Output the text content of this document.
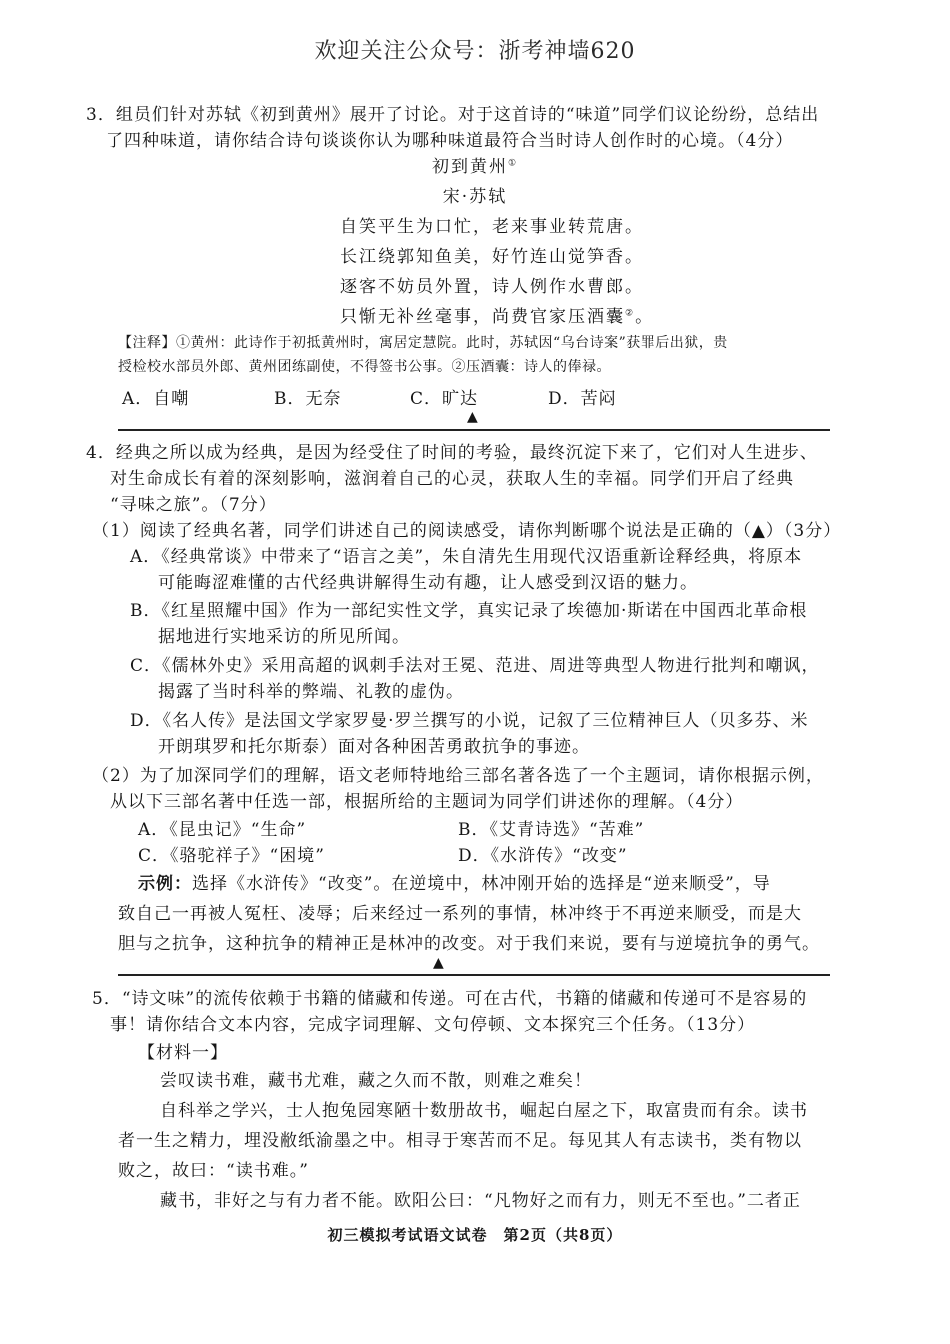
欢迎关注公众号：浙考神墙620
3．组员们针对苏轼《初到黄州》展开了讨论。对于这首诗的“味道”同学们议论纷纷，总结出
了四种味道，请你结合诗句谈谈你认为哪种味道最符合当时诗人创作时的心境。（4分）
初到黄州①
宋·苏轼
自笑平生为口忙，老来事业转荒唐。
长江绕郭知鱼美，好竹连山觉笋香。
逐客不妨员外置，诗人例作水曹郎。
只惭无补丝毫事，尚费官家压酒囊②。
【注释】①黄州：此诗作于初抵黄州时，寓居定慧院。此时，苏轼因“乌台诗案”获罪后出狱，贵
授检校水部员外郎、黄州团练副使，不得签书公事。②压酒囊：诗人的俸禄。
A．自嘲	B．无奈	C．旷达	D．苦闷
▲
4．经典之所以成为经典，是因为经受住了时间的考验，最终沉淀下来了，它们对人生进步、
对生命成长有着的深刻影响，滋润着自己的心灵，获取人生的幸福。同学们开启了经典
“寻味之旅”。（7分）
（1）阅读了经典名著，同学们讲述自己的阅读感受，请你判断哪个说法是正确的（▲）（3分）
A．《经典常谈》中带来了“语言之美”，朱自清先生用现代汉语重新诠释经典，将原本
可能晦涩难懂的古代经典讲解得生动有趣，让人感受到汉语的魅力。
B．《红星照耀中国》作为一部纪实性文学，真实记录了埃德加·斯诺在中国西北革命根
据地进行实地采访的所见所闻。
C．《儒林外史》采用高超的讽刺手法对王冕、范进、周进等典型人物进行批判和嘲讽，
揭露了当时科举的弊端、礼教的虚伪。
D．《名人传》是法国文学家罗曼·罗兰撰写的小说，记叙了三位精神巨人（贝多芬、米
开朗琪罗和托尔斯泰）面对各种困苦勇敢抗争的事迹。
（2）为了加深同学们的理解，语文老师特地给三部名著各选了一个主题词，请你根据示例，
从以下三部名著中任选一部，根据所给的主题词为同学们讲述你的理解。（4分）
A．《昆虫记》“生命”	B．《艾青诗选》“苦难”
C．《骆驼祥子》“困境”	D．《水浒传》“改变”
示例：选择《水浒传》“改变”。在逆境中，林冲刚开始的选择是“逆来顺受”，导
致自己一再被人冤枉、凌辱；后来经过一系列的事情，林冲终于不再逆来顺受，而是大
胆与之抗争，这种抗争的精神正是林冲的改变。对于我们来说，要有与逆境抗争的勇气。
▲
5．“诗文味”的流传依赖于书籍的储藏和传递。可在古代，书籍的储藏和传递可不是容易的
事！请你结合文本内容，完成字词理解、文句停顿、文本探究三个任务。（13分）
【材料一】
尝叹读书难，藏书尤难，藏之久而不散，则难之难矣！
自科举之学兴，士人抱兔园寒陋十数册故书，崛起白屋之下，取富贵而有余。读书
者一生之精力，埋没敝纸渝墨之中。相寻于寒苦而不足。每见其人有志读书，类有物以
败之，故曰：“读书难。”
藏书，非好之与有力者不能。欧阳公曰：“凡物好之而有力，则无不至也。”二者正
初三模拟考试语文试卷　第2页（共8页）
